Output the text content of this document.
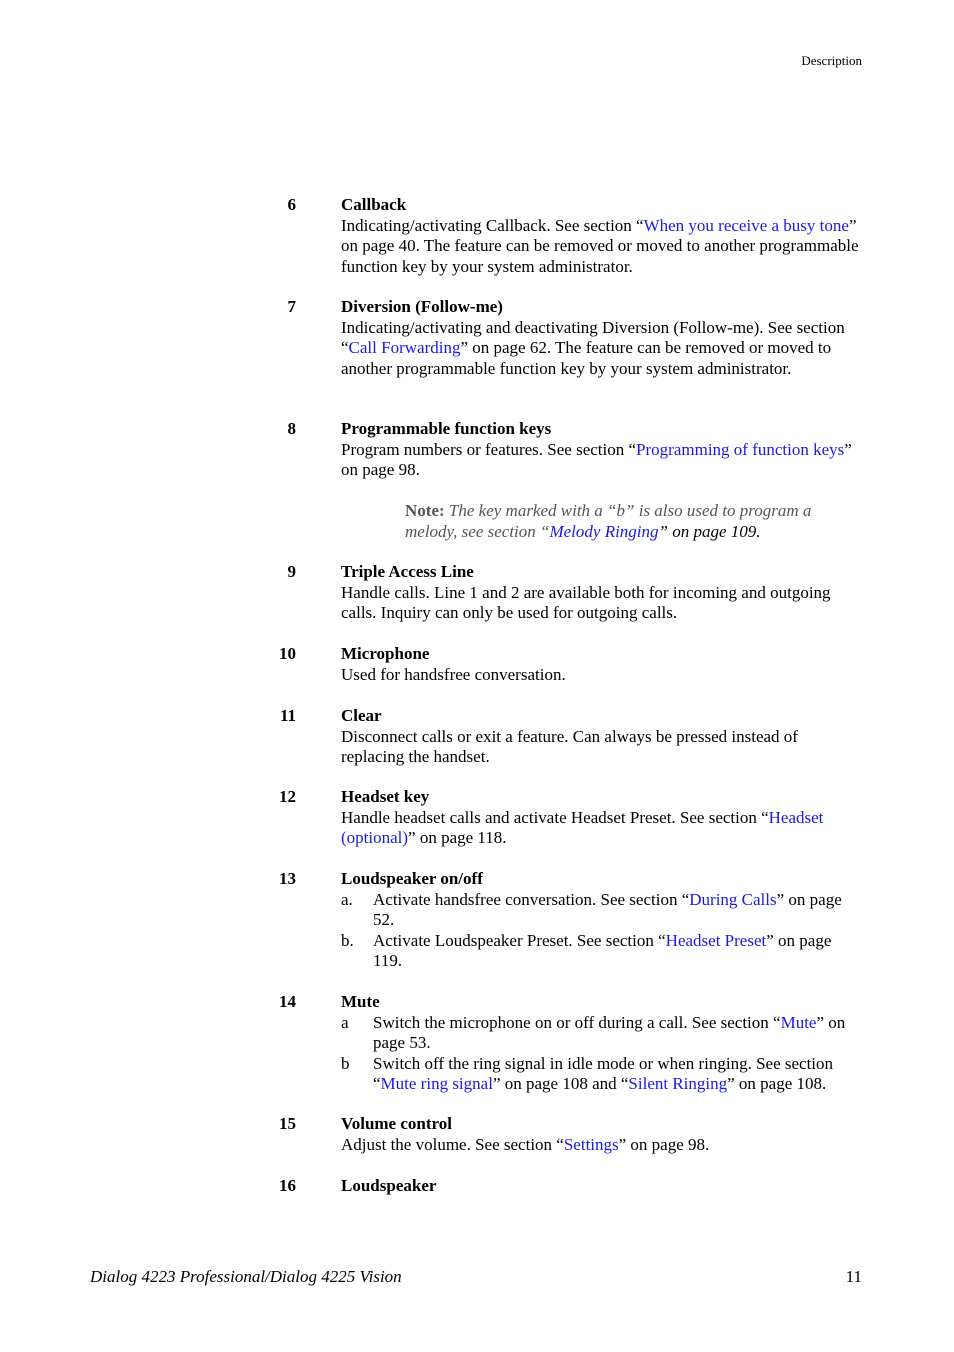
Description
6	Callback
Indicating/activating Callback. See section “When you receive a busy tone” on page 40. The feature can be removed or moved to another programmable function key by your system administrator.
7	Diversion (Follow-me)
Indicating/activating and deactivating Diversion (Follow-me). See section “Call Forwarding” on page 62. The feature can be removed or moved to another programmable function key by your system administrator.
8	Programmable function keys
Program numbers or features. See section “Programming of function keys” on page 98.
Note: The key marked with a “b” is also used to program a melody, see section “Melody Ringing” on page 109.
9	Triple Access Line
Handle calls. Line 1 and 2 are available both for incoming and outgoing calls. Inquiry can only be used for outgoing calls.
10	Microphone
Used for handsfree conversation.
11	Clear
Disconnect calls or exit a feature. Can always be pressed instead of replacing the handset.
12	Headset key
Handle headset calls and activate Headset Preset. See section “Headset (optional)” on page 118.
13	Loudspeaker on/off
a. Activate handsfree conversation. See section “During Calls” on page 52.
b. Activate Loudspeaker Preset. See section “Headset Preset” on page 119.
14	Mute
a Switch the microphone on or off during a call. See section “Mute” on page 53.
b Switch off the ring signal in idle mode or when ringing. See section “Mute ring signal” on page 108 and “Silent Ringing” on page 108.
15	Volume control
Adjust the volume. See section “Settings” on page 98.
16	Loudspeaker
Dialog 4223 Professional/Dialog 4225 Vision	11
